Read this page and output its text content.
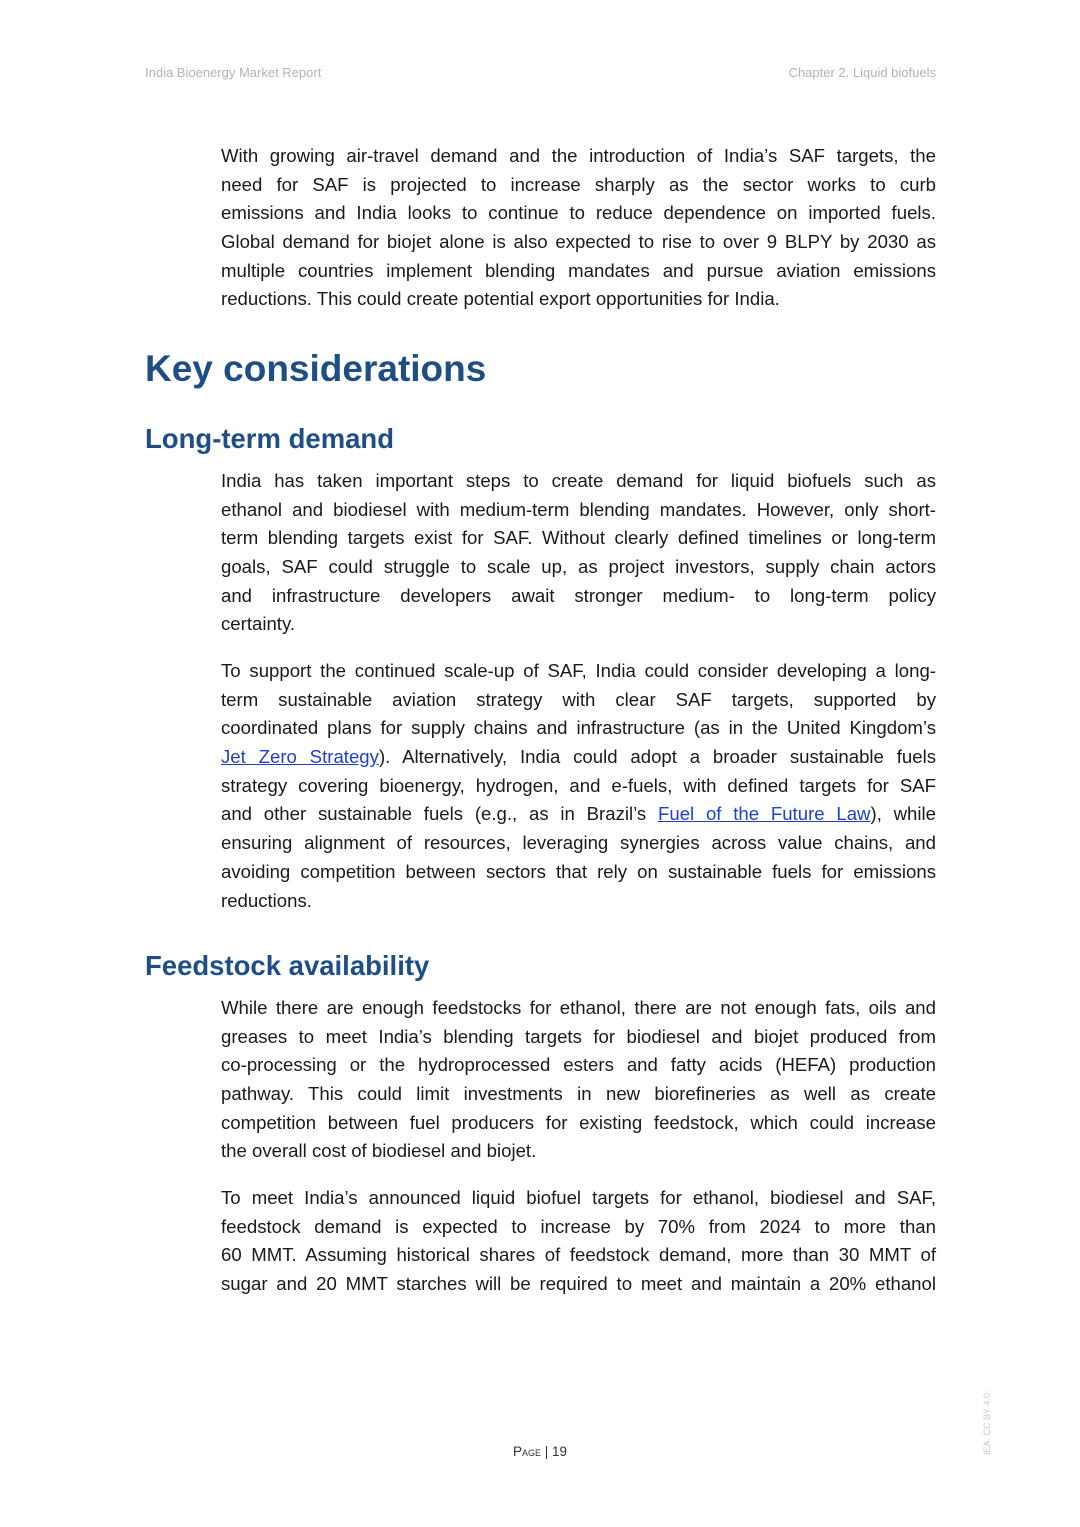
India Bioenergy Market Report	Chapter 2. Liquid biofuels
With growing air-travel demand and the introduction of India’s SAF targets, the
need for SAF is projected to increase sharply as the sector works to curb
emissions and India looks to continue to reduce dependence on imported fuels.
Global demand for biojet alone is also expected to rise to over 9 BLPY by 2030 as
multiple countries implement blending mandates and pursue aviation emissions
reductions. This could create potential export opportunities for India.
Key considerations
Long-term demand
India has taken important steps to create demand for liquid biofuels such as
ethanol and biodiesel with medium-term blending mandates. However, only short-
term blending targets exist for SAF. Without clearly defined timelines or long-term
goals, SAF could struggle to scale up, as project investors, supply chain actors
and infrastructure developers await stronger medium- to long-term policy
certainty.
To support the continued scale-up of SAF, India could consider developing a long-
term sustainable aviation strategy with clear SAF targets, supported by
coordinated plans for supply chains and infrastructure (as in the United Kingdom’s
Jet Zero Strategy). Alternatively, India could adopt a broader sustainable fuels
strategy covering bioenergy, hydrogen, and e-fuels, with defined targets for SAF
and other sustainable fuels (e.g., as in Brazil’s Fuel of the Future Law), while
ensuring alignment of resources, leveraging synergies across value chains, and
avoiding competition between sectors that rely on sustainable fuels for emissions
reductions.
Feedstock availability
While there are enough feedstocks for ethanol, there are not enough fats, oils and
greases to meet India’s blending targets for biodiesel and biojet produced from
co-processing or the hydroprocessed esters and fatty acids (HEFA) production
pathway. This could limit investments in new biorefineries as well as create
competition between fuel producers for existing feedstock, which could increase
the overall cost of biodiesel and biojet.
To meet India’s announced liquid biofuel targets for ethanol, biodiesel and SAF,
feedstock demand is expected to increase by 70% from 2024 to more than
60 MMT. Assuming historical shares of feedstock demand, more than 30 MMT of
sugar and 20 MMT starches will be required to meet and maintain a 20% ethanol
Page | 19	IEA. CC BY 4.0.
